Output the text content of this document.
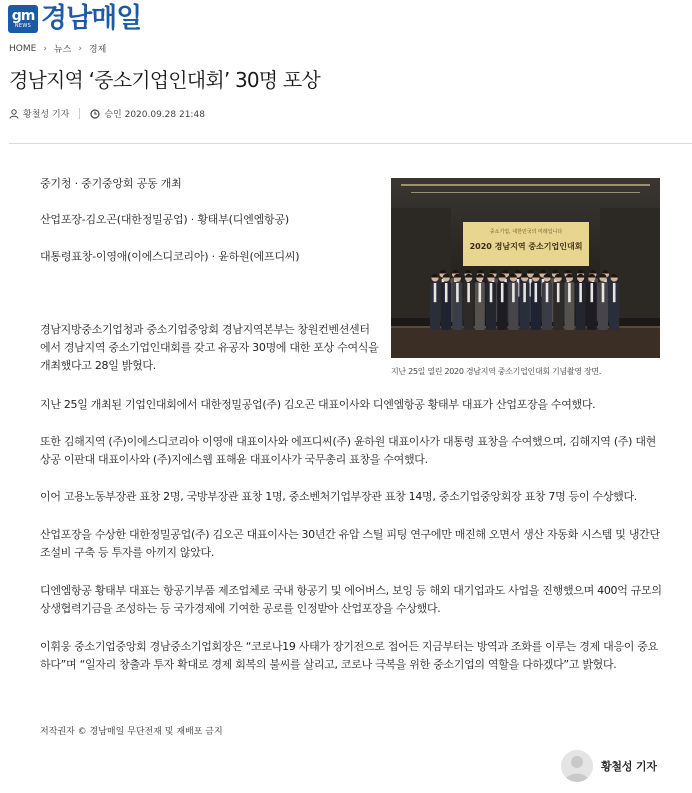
gm
NEWS 경남매일
HOME › 뉴스 › 경제
경남지역 ‘중소기업인대회’ 30명 포상
황철성 기자	승인 2020.09.28 21:48
중기청 · 중기중앙회 공동 개최
산업포장-김오곤(대한정밀공업) · 황태부(디엔엠항공)
대통령표창-이영애(이에스디코리아) · 윤하원(에프디씨)
중소기업, 대한민국의 미래입니다
2020 경남지역 중소기업인대회
지난 25일 열린 2020 경남지역 중소기업인대회 기념촬영 장면.

경남지방중소기업청과 중소기업중앙회 경남지역본부는 창원컨벤션센터에서 경남지역 중소기업인대회를 갖고 유공자 30명에 대한 포상 수여식을 개최했다고 28일 밝혔다.

지난 25일 개최된 기업인대회에서 대한정밀공업(주) 김오곤 대표이사와 디엔엠항공 황태부 대표가 산업포장을 수여했다.

또한 김해지역 (주)이에스디코리아 이영애 대표이사와 에프디씨(주) 윤하원 대표이사가 대통령 표창을 수여했으며, 김해지역 (주) 대현상공 이판대 대표이사와 (주)지에스웹 표해윤 대표이사가 국무총리 표창을 수여했다.

이어 고용노동부장관 표창 2명, 국방부장관 표창 1명, 중소벤처기업부장관 표창 14명, 중소기업중앙회장 표창 7명 등이 수상했다.

산업포장을 수상한 대한정밀공업(주) 김오곤 대표이사는 30년간 유압 스틸 피팅 연구에만 매진해 오면서 생산 자동화 시스템 및 냉간단조설비 구축 등 투자를 아끼지 않았다.

디엔엠항공 황태부 대표는 항공기부품 제조업체로 국내 항공기 및 에어버스, 보잉 등 해외 대기업과도 사업을 진행했으며 400억 규모의 상생협력기금을 조성하는 등 국가경제에 기여한 공로를 인정받아 산업포장을 수상했다.

이휘웅 중소기업중앙회 경남중소기업회장은 “코로나19 사태가 장기전으로 접어든 지금부터는 방역과 조화를 이루는 경제 대응이 중요하다”며 “일자리 창출과 투자 확대로 경제 회복의 불씨를 살리고, 코로나 극복을 위한 중소기업의 역할을 다하겠다”고 밝혔다.

저작권자 © 경남매일 무단전재 및 재배포 금지
황철성 기자
